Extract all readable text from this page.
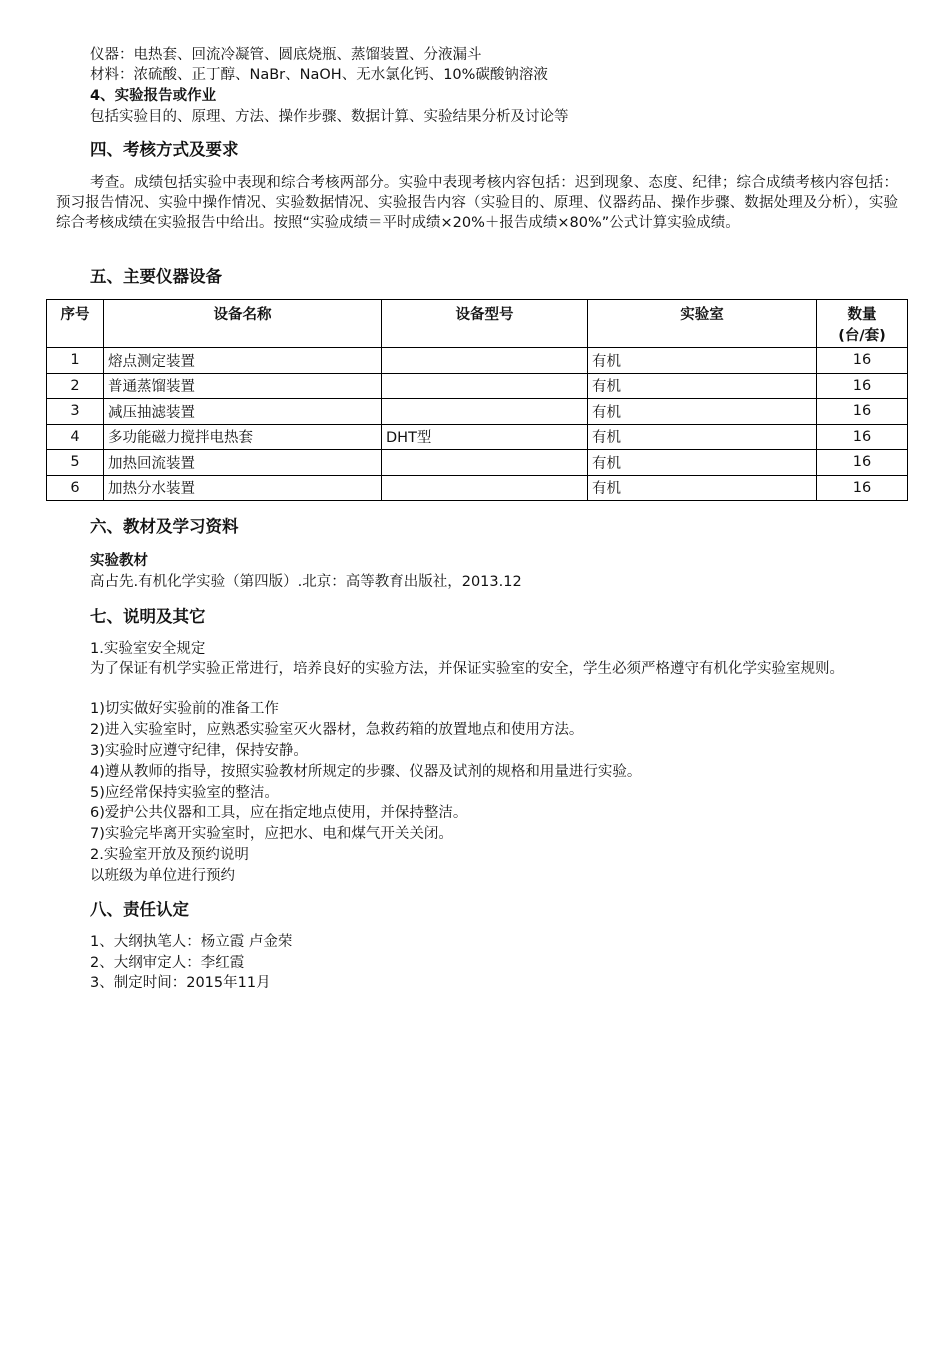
仪器：电热套、回流冷凝管、圆底烧瓶、蒸馏装置、分液漏斗
材料：浓硫酸、正丁醇、NaBr、NaOH、无水氯化钙、10%碳酸钠溶液
4、实验报告或作业
包括实验目的、原理、方法、操作步骤、数据计算、实验结果分析及讨论等
四、考核方式及要求
考查。成绩包括实验中表现和综合考核两部分。实验中表现考核内容包括：迟到现象、态度、纪律；综合成绩考核内容包括：预习报告情况、实验中操作情况、实验数据情况、实验报告内容（实验目的、原理、仪器药品、操作步骤、数据处理及分析），实验综合考核成绩在实验报告中给出。按照“实验成绩＝平时成绩×20%＋报告成绩×80%”公式计算实验成绩。
五、主要仪器设备
序号	设备名称	设备型号	实验室	数量
(台/套)
1	熔点测定装置		有机	16
2	普通蒸馏装置		有机	16
3	减压抽滤装置		有机	16
4	多功能磁力搅拌电热套	DHT型	有机	16
5	加热回流装置		有机	16
6	加热分水装置		有机	16
六、教材及学习资料
实验教材
高占先.有机化学实验（第四版）.北京：高等教育出版社，2013.12
七、说明及其它
1.实验室安全规定
为了保证有机学实验正常进行，培养良好的实验方法，并保证实验室的安全，学生必须严格遵守有机化学实验室规则。
1)切实做好实验前的准备工作
2)进入实验室时，应熟悉实验室灭火器材，急救药箱的放置地点和使用方法。
3)实验时应遵守纪律，保持安静。
4)遵从教师的指导，按照实验教材所规定的步骤、仪器及试剂的规格和用量进行实验。
5)应经常保持实验室的整洁。
6)爱护公共仪器和工具，应在指定地点使用，并保持整洁。
7)实验完毕离开实验室时，应把水、电和煤气开关关闭。
2.实验室开放及预约说明
以班级为单位进行预约
八、责任认定
1、大纲执笔人：杨立霞 卢金荣
2、大纲审定人：李红霞
3、制定时间：2015年11月
